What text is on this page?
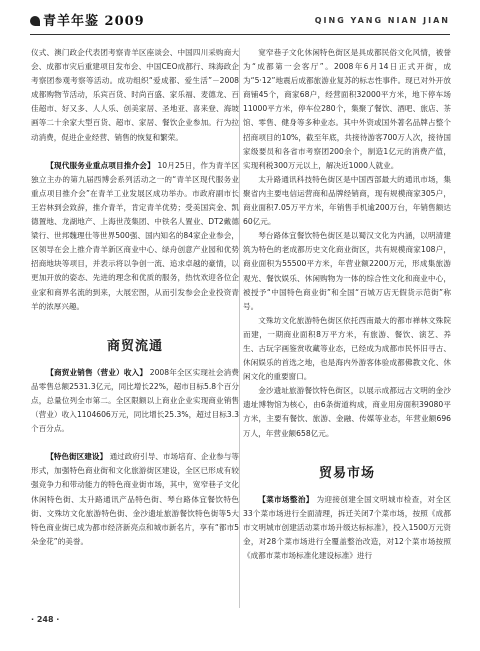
青羊年鉴 2009	QING YANG NIAN JIAN

仪式、澳门政企代表团考察青羊区座谈会、中国四川采购商大会、成都市灾后重建项目发布会、中国CEO成都行、珠海政企考察团参观考察等活动。成功组织“爱成都、爱生活”－2008成都购物节活动，乐宾百货、时尚百盛、家乐福、麦德龙、百佳超市、好又多、人人乐、创美家居、圣地亚、喜来登、海坡画等二十余家大型百货、超市、家居、餐饮企业参加。行为拉动消费，促进企业经营、销售的恢复和繁荣。

【现代服务业重点项目推介会】 10月25日，作为青羊区独立主办的第九届西博会系列活动之一的“青羊区现代服务业重点项目推介会”在青羊工业发展区成功举办。市政府副市长王岩林到会致辞，推介青羊，肯定青羊优势；受美国宾金、凯德置地、龙湖地产、上海世茂集团、中铁名人置业、DT2戴德梁行、世邦魏理仕等世界500强、国内知名的84家企业参会，区领导在会上推介青羊新区商业中心、绿舟创意产业园和优势招商地块等项目，并表示将以争创一流、追求卓越的豪情，以更加开放的姿态、先进的理念和优质的服务，热忱欢迎各位企业家和商界名流的到来，大展宏图，从而引发参会企业投资青羊的浓厚兴趣。

商贸流通

【商贸业销售（营业）收入】 2008年全区实现社会消费品零售总额2531.3亿元，同比增长22%，超市目标5.8个百分点，总量位列全市第二。全区限额以上商业企业实现商业销售（营业）收入1104606万元，同比增长25.3%，超过目标3.3个百分点。

【特色街区建设】 通过政府引导、市场培育、企业参与等形式，加强特色商业街和文化旅游街区建设，全区已形成有较强竞争力和带动能力的特色商业街市场，其中，宽窄巷子文化休闲特色街、太升路通讯产品特色街、琴台路体宜餐饮特色街、文殊坊文化旅游特色街、金沙遗址旅游餐饮特色街等5大特色商业街已成为都市经济新亮点和城市新名片，享有“都市5朵金花”的美誉。

宽窄巷子文化休闲特色街区是具成都民俗文化风情，被誉为“成都第一会客厅”。2008年6月14日正式开街，成为“5·12”地震后成都旅游业复苏的标志性事件。现已对外开放商铺45个，商家68户，经营面积32000平方米，地下停车场11000平方米，停车位280个，集聚了餐饮、酒吧、旅店、茶馆、零售、健身等多种业态。其中外资或国外著名品牌占整个招商项目的10%，截至年底，共接待游客700万人次，接待国家级要员和各省市考察团200余个，制造1亿元的消费产值，实现利税300万元以上，解决近1000人就业。

太升路通讯科技特色街区是中国西部最大的通讯市场，集聚省内主要电信运营商和品牌经销商，现有规模商家305户，商业面积7.05万平方米，年销售手机逾200万台，年销售额达60亿元。

琴台路体宜餐饮特色街区是以蜀汉文化为内涵，以明清建筑为特色的老成都历史文化商业街区，共有规模商家108户，商业面积为55500平方米，年营业额2200万元，形成集旅游观光、餐饮娱乐、休闲购物为一体的综合性文化和商业中心，被授予“中国特色商业街”和全国“百城万店无假货示范街”称号。

文殊坊文化旅游特色街区依托西南最大的都市禅林文殊院而建，一期商业面积8万平方米，有旅游、餐饮、演艺、养生、古玩字画鉴赏收藏等业态，已经成为成都市民怀旧寻古、休闲娱乐的首选之地，也是海内外游客体验成都佛教文化、休闲文化的重要窗口。

金沙遗址旅游餐饮特色街区，以展示成都远古文明的金沙遗址博物馆为核心，由6条街道构成，商业用房面积39080平方米，主要有餐饮、旅游、金融、传媒等业态，年营业额696万人，年营业额658亿元。

贸易市场

【菜市场整治】 为迎接创建全国文明城市检查，对全区33个菜市场进行全面清理，拆迁关闭7个菜市场，按照《成都市文明城市创建活动菜市场升级达标标准》，投入1500万元资金，对28个菜市场进行全覆盖整治改造，对12个菜市场按照《成都市菜市场标准化建设标准》进行

· 248 ·
